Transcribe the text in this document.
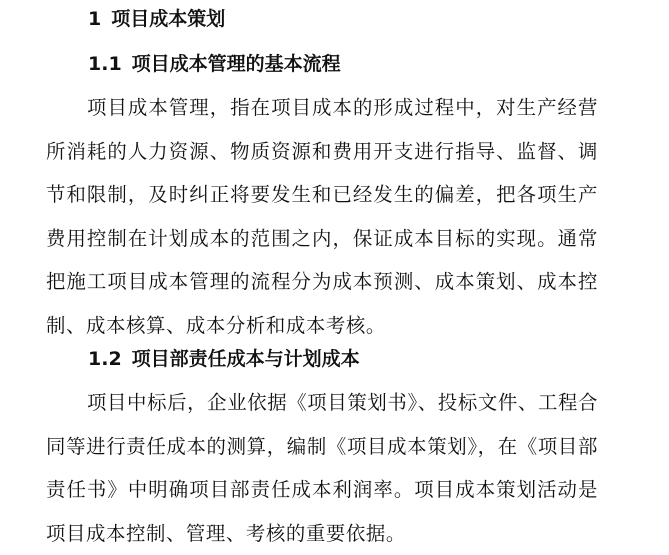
1 项目成本策划
1.1 项目成本管理的基本流程

项目成本管理，指在项目成本的形成过程中，对生产经营所消耗的人力资源、物质资源和费用开支进行指导、监督、调节和限制，及时纠正将要发生和已经发生的偏差，把各项生产费用控制在计划成本的范围之内，保证成本目标的实现。通常把施工项目成本管理的流程分为成本预测、成本策划、成本控制、成本核算、成本分析和成本考核。

1.2 项目部责任成本与计划成本

项目中标后，企业依据《项目策划书》、投标文件、工程合同等进行责任成本的测算，编制《项目成本策划》，在《项目部责任书》中明确项目部责任成本利润率。项目成本策划活动是项目成本控制、管理、考核的重要依据。
